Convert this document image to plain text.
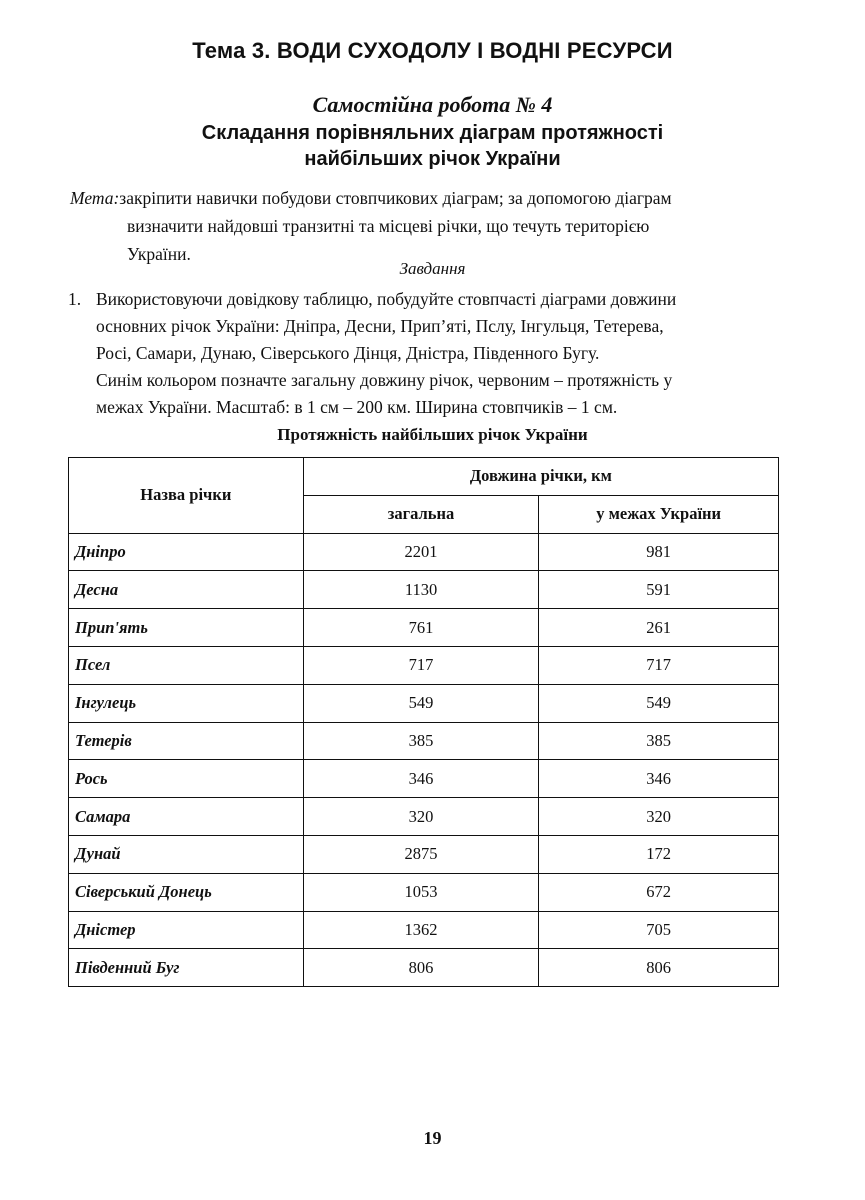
Тема 3. ВОДИ СУХОДОЛУ І ВОДНІ РЕСУРСИ
Самостійна робота № 4
Складання порівняльних діаграм протяжності
найбільших річок України
Мета:закріпити навички побудови стовпчикових діаграм; за допомогою діаграм
визначити найдовші транзитні та місцеві річки, що течуть територією
України.
Завдання
1. Використовуючи довідкову таблицю, побудуйте стовпчасті діаграми довжини
основних річок України: Дніпра, Десни, Прип’яті, Пслу, Інгульця, Тетерева,
Росі, Самари, Дунаю, Сіверського Дінця, Дністра, Південного Бугу.
Синім кольором позначте загальну довжину річок, червоним – протяжність у
межах України. Масштаб: в 1 см – 200 км. Ширина стовпчиків – 1 см.
Протяжність найбільших річок України
Назва річки	Довжина річки, км	
	загальна	у межах України
Дніпро	2201	981
Десна	1130	591
Прип'ять	761	261
Псел	717	717
Інгулець	549	549
Тетерів	385	385
Рось	346	346
Самара	320	320
Дунай	2875	172
Сіверський Донець	1053	672
Дністер	1362	705
Південний Буг	806	806
19
